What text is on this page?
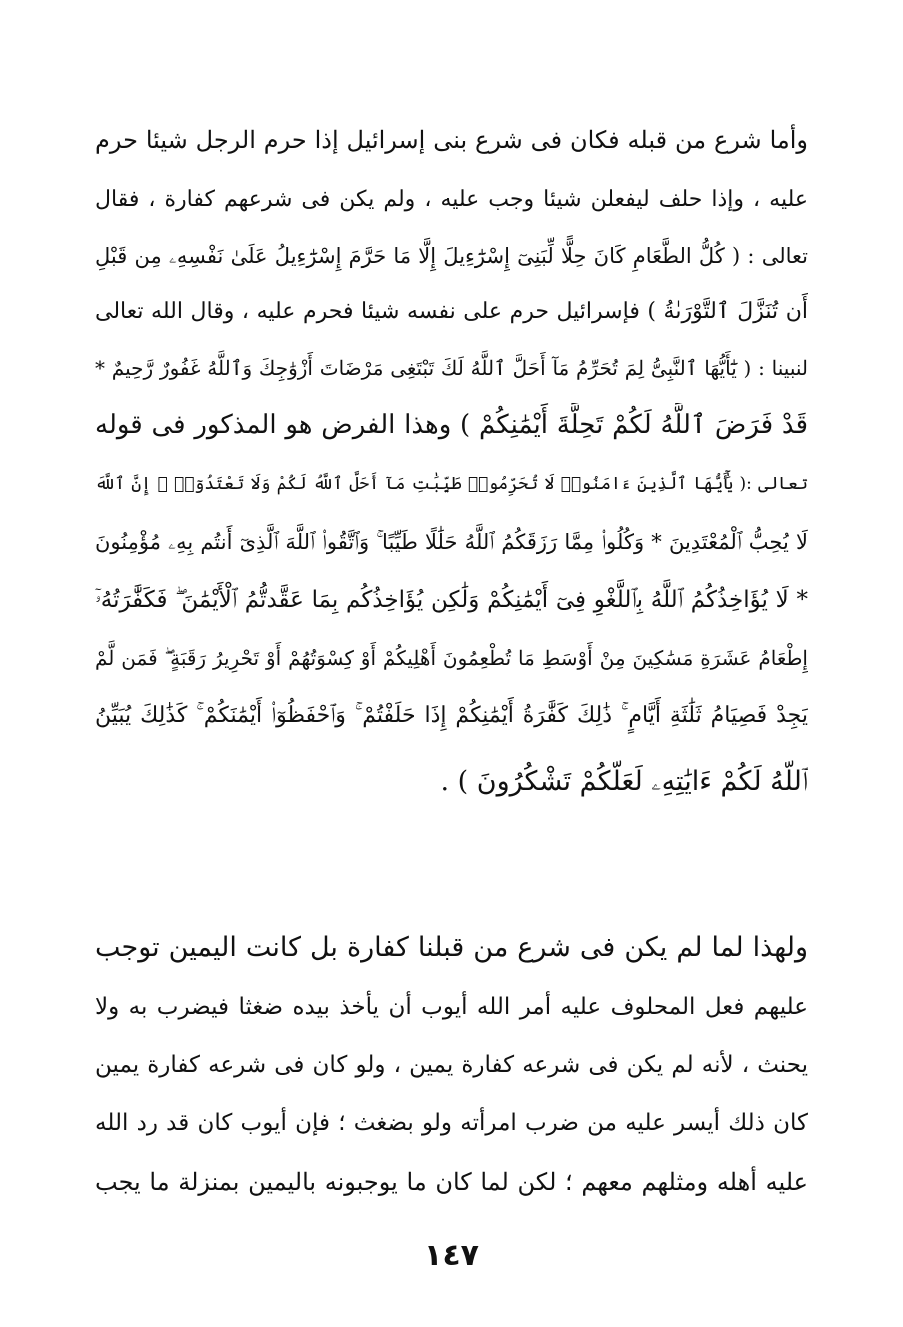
وأما شرع من قبله فكان فى شرع بنى إسرائيل إذا حرم الرجل شيئا حرم
عليه ، وإذا حلف ليفعلن شيئا وجب عليه ، ولم يكن فى شرعهم كفارة ، فقال
تعالى : ( كُلُّ الطَّعَامِ كَانَ حِلًّا لِّبَنِىٓ إِسْرَٰٓءِيلَ إِلَّا مَا حَرَّمَ إِسْرَٰٓءِيلُ عَلَىٰ نَفْسِهِۦ مِن قَبْلِ
أَن تُنَزَّلَ ٱلتَّوْرَىٰةُ ) فإسرائيل حرم على نفسه شيئا فحرم عليه ، وقال الله تعالى
لنبينا : ( يَٰٓأَيُّهَا ٱلنَّبِىُّ لِمَ تُحَرِّمُ مَآ أَحَلَّ ٱللَّهُ لَكَ تَبْتَغِى مَرْضَاتَ أَزْوَٰجِكَ وَٱللَّهُ غَفُورٌ رَّحِيمٌ *
قَدْ فَرَضَ ٱللَّهُ لَكُمْ تَحِلَّةَ أَيْمَٰنِكُمْ ) وهذا الفرض هو المذكور فى قوله
تعالى :( يَٰٓأَيُّهَا ٱلَّذِينَ ءَامَنُوا۟ لَا تُحَرِّمُوا۟ طَيِّبَٰتِ مَآ أَحَلَّ ٱللَّهُ لَكُمْ وَلَا تَعْتَدُوٓا۟ ۚ إِنَّ ٱللَّهَ
لَا يُحِبُّ ٱلْمُعْتَدِينَ * وَكُلُوا۟ مِمَّا رَزَقَكُمُ ٱللَّهُ حَلَٰلًا طَيِّبًا ۚ وَٱتَّقُوا۟ ٱللَّهَ ٱلَّذِىٓ أَنتُم بِهِۦ مُؤْمِنُونَ
* لَا يُؤَاخِذُكُمُ ٱللَّهُ بِٱللَّغْوِ فِىٓ أَيْمَٰنِكُمْ وَلَٰكِن يُؤَاخِذُكُم بِمَا عَقَّدتُّمُ ٱلْأَيْمَٰنَ ۖ فَكَفَّٰرَتُهُۥٓ
إِطْعَامُ عَشَرَةِ مَسَٰكِينَ مِنْ أَوْسَطِ مَا تُطْعِمُونَ أَهْلِيكُمْ أَوْ كِسْوَتُهُمْ أَوْ تَحْرِيرُ رَقَبَةٍ ۖ فَمَن لَّمْ
يَجِدْ فَصِيَامُ ثَلَٰثَةِ أَيَّامٍ ۚ ذَٰلِكَ كَفَّٰرَةُ أَيْمَٰنِكُمْ إِذَا حَلَفْتُمْ ۚ وَٱحْفَظُوٓا۟ أَيْمَٰنَكُمْ ۚ كَذَٰلِكَ يُبَيِّنُ
ٱللَّهُ لَكُمْ ءَايَٰتِهِۦ لَعَلَّكُمْ تَشْكُرُونَ ) .
ولهذا لما لم يكن فى شرع من قبلنا كفارة بل كانت اليمين توجب
عليهم فعل المحلوف عليه أمر الله أيوب أن يأخذ بيده ضغثا فيضرب به ولا
يحنث ، لأنه لم يكن فى شرعه كفارة يمين ، ولو كان فى شرعه كفارة يمين
كان ذلك أيسر عليه من ضرب امرأته ولو بضغث ؛ فإن أيوب كان قد رد الله
عليه أهله ومثلهم معهم ؛ لكن لما كان ما يوجبونه باليمين بمنزلة ما يجب
١٤٧
